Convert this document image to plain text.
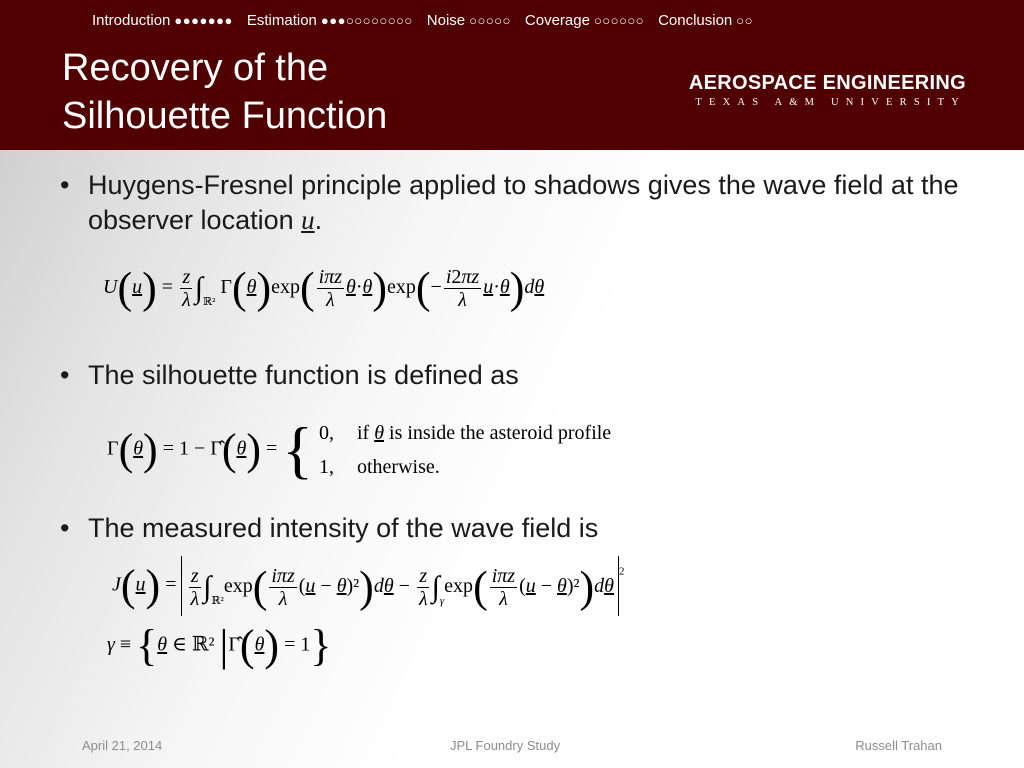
Introduction ●●●●●●● Estimation ●●●○○○○○○○○ Noise ○○○○○ Coverage ○○○○○○ Conclusion ○○
Recovery of the
Silhouette Function
AEROSPACE ENGINEERING
TEXAS A&M UNIVERSITY
• Huygens-Fresnel principle applied to shadows gives the wave field at the observer location u.
$U(u) = \frac{z}{\lambda} \int_{ℝ^2}$ $\Gamma(\theta)\exp( \frac{\text{iπz}}{\lambda} \theta\cdot\theta)\exp(- \frac{i2\pi z}{\lambda} u\cdot\theta)d\theta$
• The silhouette function is defined as
Γ(θ) = 1 − Γ̂(θ) = { 0, if θ is inside the asteroid profile
1, otherwise.
• The measured intensity of the wave field is
$J(u) = \frac{z}{\lambda} \int_{ℝ^2}\exp( \frac{\text{iπz}}{\lambda} (u - \theta)^2)d\theta - \frac{z}{\lambda} \int_\gamma\exp( \frac{\text{iπz}}{\lambda} (u - \theta)^2)d\theta^2$
γ ≡ {θ ∈ ℝ² |Γ̂(θ) = 1}
April 21, 2014	JPL Foundry Study	Russell Trahan
